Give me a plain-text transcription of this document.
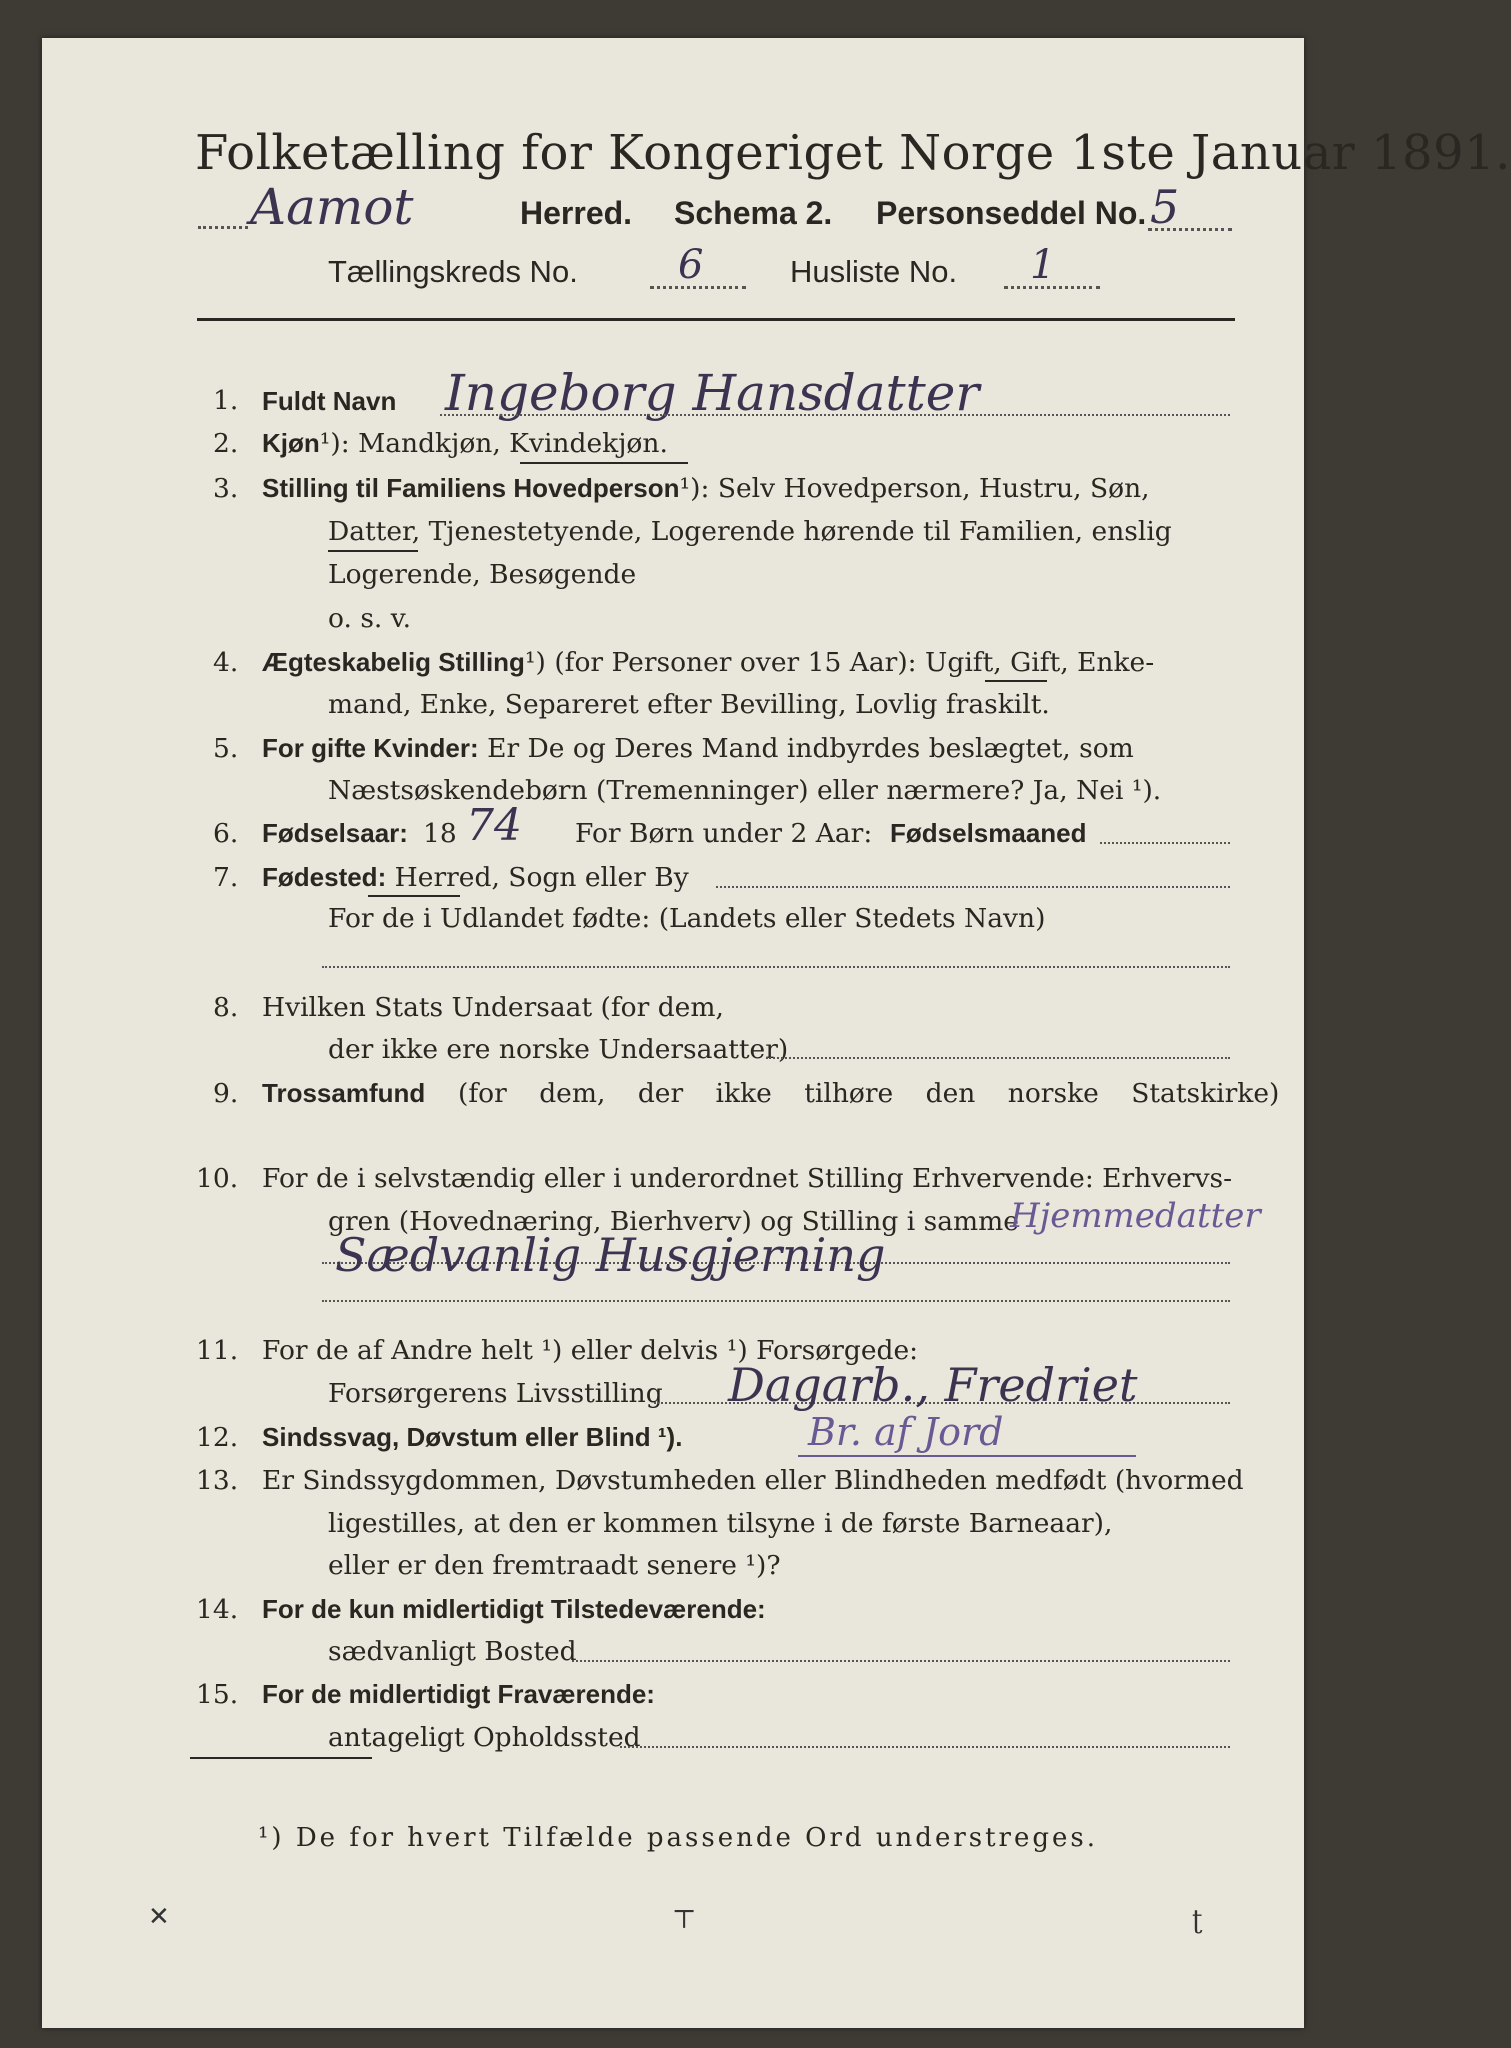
Folketælling for Kongeriget Norge 1ste Januar 1891.
Aamot	Herred. Schema 2. Personseddel No. 5
Tællingskreds No.	6	Husliste No. 1
1. Fuldt Navn Ingeborg Hansdatter
2. Kjøn¹): Mandkjøn, Kvindekjøn.
3. Stilling til Familiens Hovedperson¹): Selv Hovedperson, Hustru, Søn,
Datter, Tjenestetyende, Logerende hørende til Familien, enslig
Logerende, Besøgende
o. s. v.
4. Ægteskabelig Stilling¹) (for Personer over 15 Aar): Ugift, Gift, Enke-
mand, Enke, Separeret efter Bevilling, Lovlig fraskilt.
5. For gifte Kvinder: Er De og Deres Mand indbyrdes beslægtet, som
Næstsøskendebørn (Tremenninger) eller nærmere? Ja, Nei ¹).
6. Fødselsaar: 18 74 For Børn under 2 Aar: Fødselsmaaned
7. Fødested: Herred, Sogn eller By
For de i Udlandet fødte: (Landets eller Stedets Navn)
8. Hvilken Stats Undersaat (for dem,
der ikke ere norske Undersaatter)
9. Trossamfund (for dem, der ikke tilhøre den norske Statskirke)
10. For de i selvstændig eller i underordnet Stilling Erhvervende: Erhvervs-
gren (Hovednæring, Bierhverv) og Stilling i samme
Hjemmedatter
Sædvanlig Husgjerning
11. For de af Andre helt ¹) eller delvis ¹) Forsørgede:
Forsørgerens Livsstilling Dagarb., Fredriet
12. Sindssvag, Døvstum eller Blind ¹).	Br. af Jord
13. Er Sindssygdommen, Døvstumheden eller Blindheden medfødt (hvormed
ligestilles, at den er kommen tilsyne i de første Barneaar),
eller er den fremtraadt senere ¹)?
14. For de kun midlertidigt Tilstedeværende:
sædvanligt Bosted
15. For de midlertidigt Fraværende:
antageligt Opholdssted
¹) De for hvert Tilfælde passende Ord understreges.
✕	⊤	ʈ
